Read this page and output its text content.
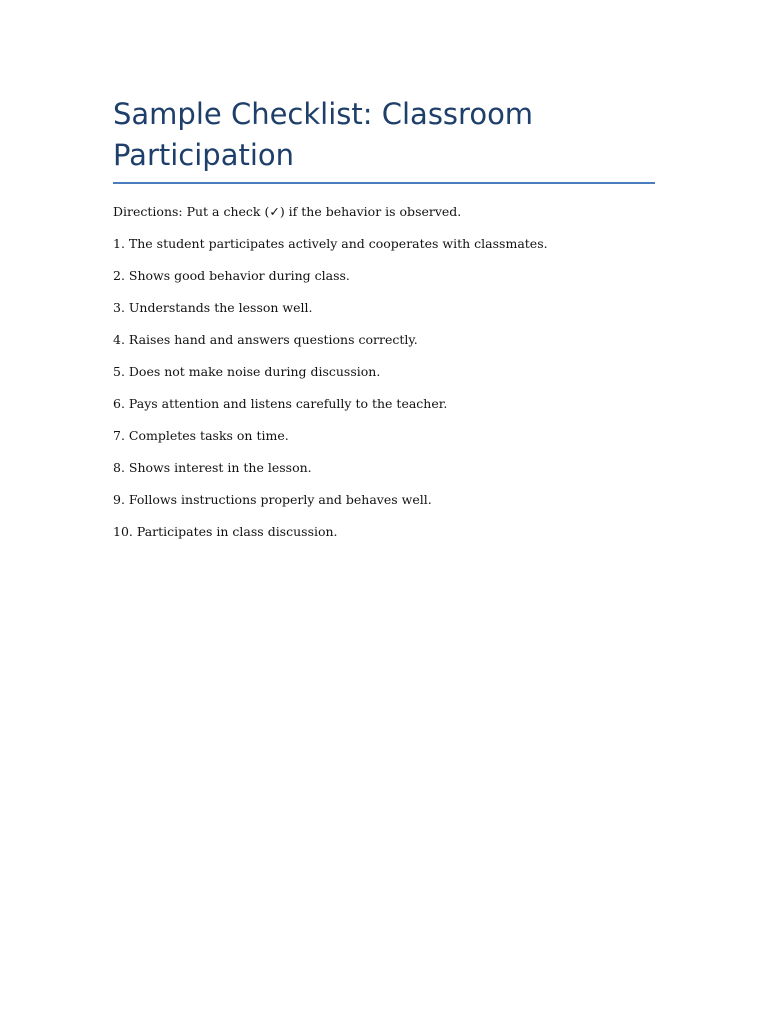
Sample Checklist: Classroom Participation

Directions: Put a check (✓) if the behavior is observed.

1. The student participates actively and cooperates with classmates.

2. Shows good behavior during class.

3. Understands the lesson well.

4. Raises hand and answers questions correctly.

5. Does not make noise during discussion.

6. Pays attention and listens carefully to the teacher.

7. Completes tasks on time.

8. Shows interest in the lesson.

9. Follows instructions properly and behaves well.

10. Participates in class discussion.
